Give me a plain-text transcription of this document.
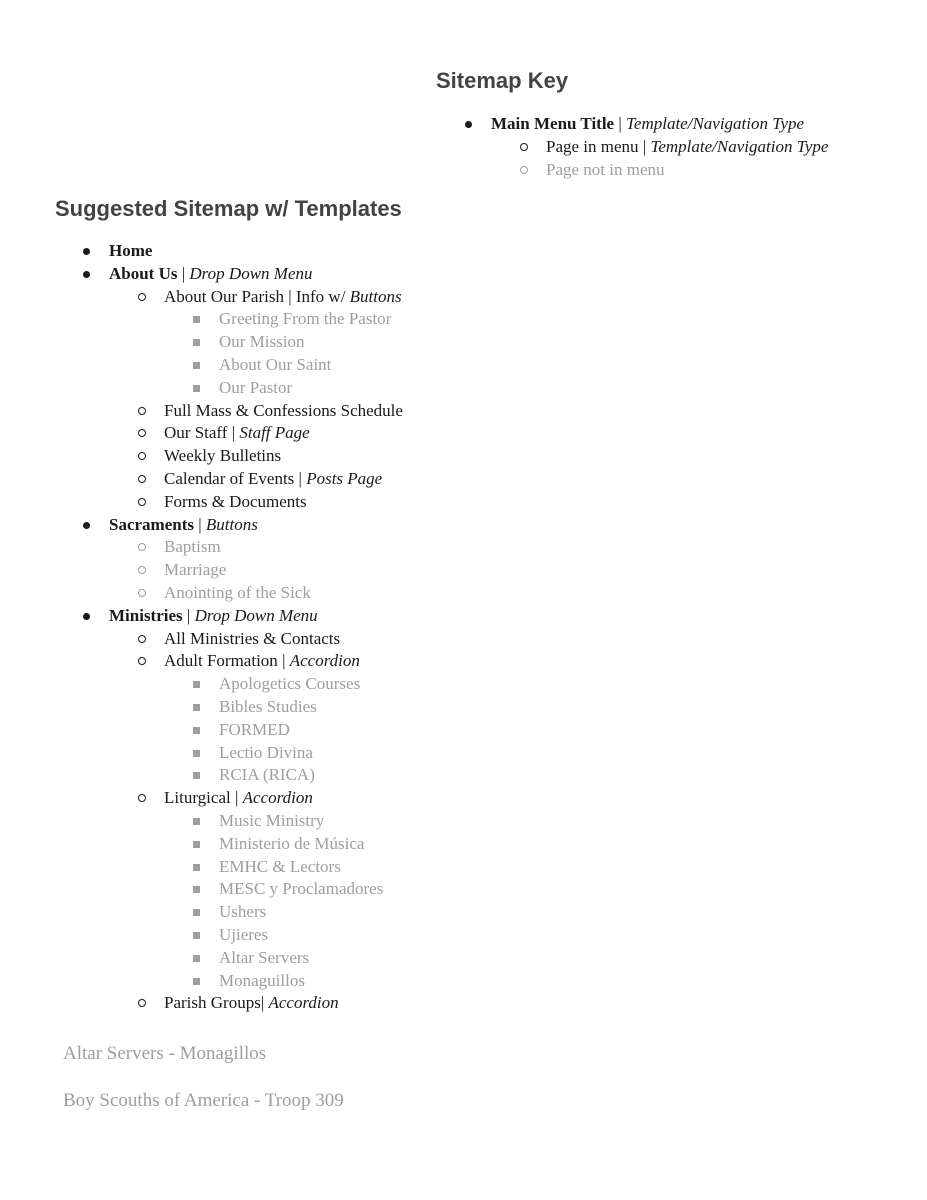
Sitemap Key
Main Menu Title | Template/Navigation Type
Page in menu | Template/Navigation Type
Page not in menu
Suggested Sitemap w/ Templates
Home
About Us | Drop Down Menu
About Our Parish | Info w/ Buttons
Greeting From the Pastor
Our Mission
About Our Saint
Our Pastor
Full Mass & Confessions Schedule
Our Staff | Staff Page
Weekly Bulletins
Calendar of Events | Posts Page
Forms & Documents
Sacraments | Buttons
Baptism
Marriage
Anointing of the Sick
Ministries | Drop Down Menu
All Ministries & Contacts
Adult Formation | Accordion
Apologetics Courses
Bibles Studies
FORMED
Lectio Divina
RCIA (RICA)
Liturgical | Accordion
Music Ministry
Ministerio de Música
EMHC & Lectors
MESC y Proclamadores
Ushers
Ujieres
Altar Servers
Monaguillos
Parish Groups| Accordion

Altar Servers - Monagillos

Boy Scouths of America - Troop 309
